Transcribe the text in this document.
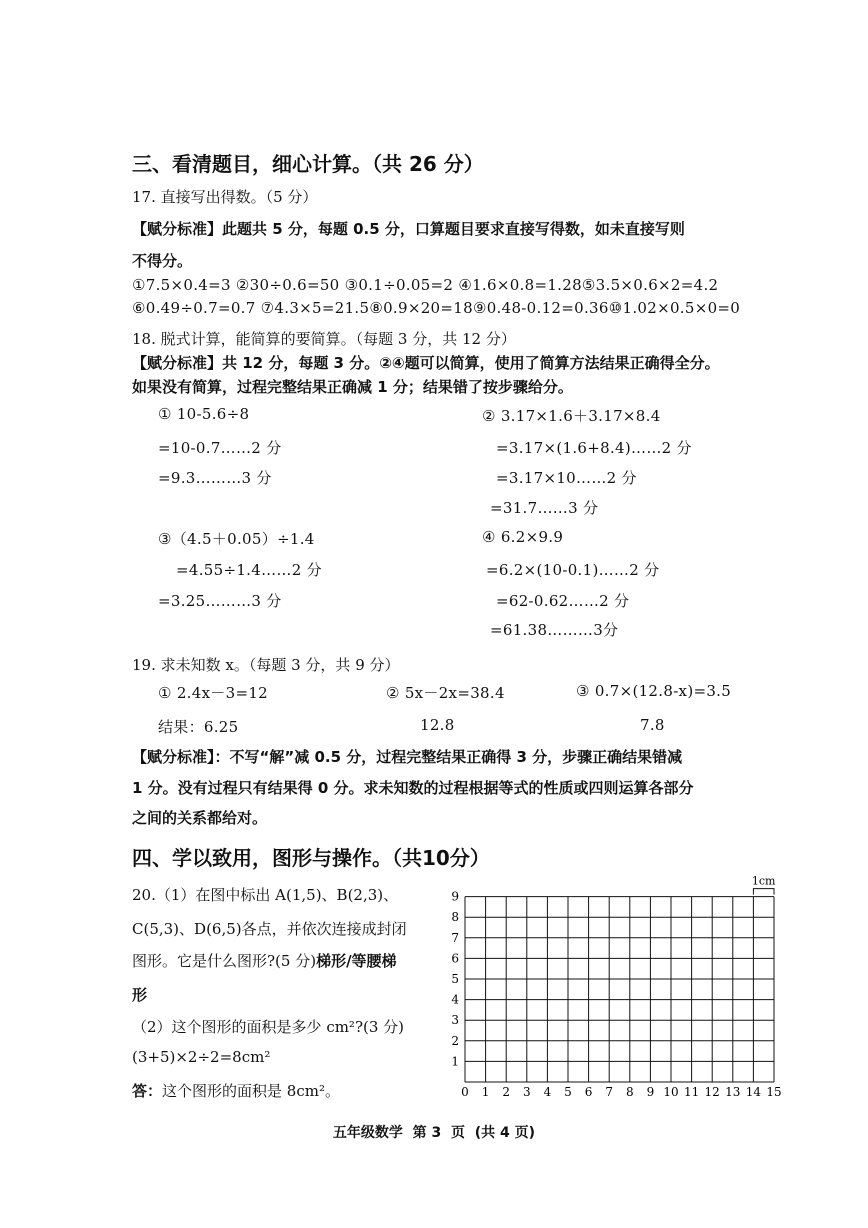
三、看清题目，细心计算。（共 26 分）
17. 直接写出得数。（5 分）
【赋分标准】此题共 5 分，每题 0.5 分，口算题目要求直接写得数，如未直接写则
不得分。
①7.5×0.4=3 ②30÷0.6=50 ③0.1÷0.05=2 ④1.6×0.8=1.28⑤3.5×0.6×2=4.2
⑥0.49÷0.7=0.7 ⑦4.3×5=21.5⑧0.9×20=18⑨0.48-0.12=0.36⑩1.02×0.5×0=0
18. 脱式计算，能简算的要简算。（每题 3 分，共 12 分）
【赋分标准】共 12 分，每题 3 分。②④题可以简算，使用了简算方法结果正确得全分。
如果没有简算，过程完整结果正确减 1 分；结果错了按步骤给分。
① 10-5.6÷8
=10-0.7……2 分
=9.3………3 分
② 3.17×1.6＋3.17×8.4
=3.17×(1.6+8.4)……2 分
=3.17×10……2 分
=31.7……3 分
③（4.5＋0.05）÷1.4
=4.55÷1.4……2 分
=3.25………3 分
④ 6.2×9.9
=6.2×(10-0.1)……2 分
=62-0.62……2 分
=61.38………3分
19. 求未知数 x。（每题 3 分，共 9 分）
① 2.4x－3=12	② 5x－2x=38.4	③ 0.7×(12.8-x)=3.5
结果：6.25	12.8	7.8
【赋分标准】：不写“解”减 0.5 分，过程完整结果正确得 3 分，步骤正确结果错减
1 分。没有过程只有结果得 0 分。求未知数的过程根据等式的性质或四则运算各部分
之间的关系都给对。
四、学以致用，图形与操作。（共10分）
20.（1）在图中标出 A(1,5)、B(2,3)、
C(5,3)、D(6,5)各点，并依次连接成封闭
图形。它是什么图形?(5 分)梯形/等腰梯
形
（2）这个图形的面积是多少 cm²?(3 分)
(3+5)×2÷2=8cm²
答：这个图形的面积是 8cm²。	0 1 2 3 4 5 6 7 8 9 10 11 12 13 14 15
1
2
3
4
5
6
7
8
9
1cm
五年级数学  第 3  页  (共 4 页)
